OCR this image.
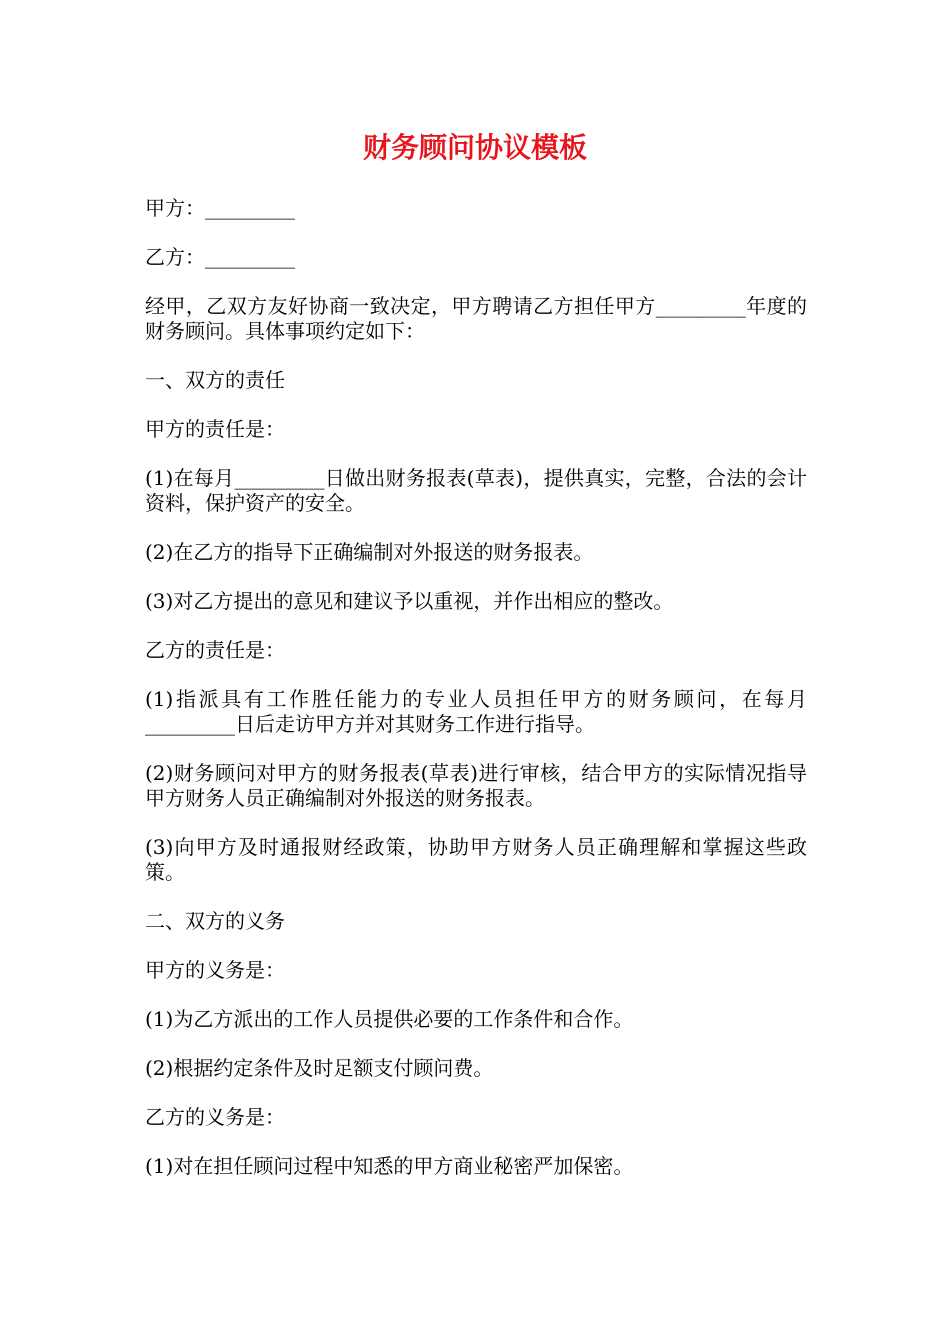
财务顾问协议模板

甲方：_________

乙方：_________

经甲，乙双方友好协商一致决定，甲方聘请乙方担任甲方_________年度的财务顾问。具体事项约定如下：

一、双方的责任

甲方的责任是：

(1)在每月_________日做出财务报表(草表)，提供真实，完整，合法的会计资料，保护资产的安全。

(2)在乙方的指导下正确编制对外报送的财务报表。

(3)对乙方提出的意见和建议予以重视，并作出相应的整改。

乙方的责任是：

(1)指派具有工作胜任能力的专业人员担任甲方的财务顾问，在每月_________日后走访甲方并对其财务工作进行指导。

(2)财务顾问对甲方的财务报表(草表)进行审核，结合甲方的实际情况指导甲方财务人员正确编制对外报送的财务报表。

(3)向甲方及时通报财经政策，协助甲方财务人员正确理解和掌握这些政策。

二、双方的义务

甲方的义务是：

(1)为乙方派出的工作人员提供必要的工作条件和合作。

(2)根据约定条件及时足额支付顾问费。

乙方的义务是：

(1)对在担任顾问过程中知悉的甲方商业秘密严加保密。
